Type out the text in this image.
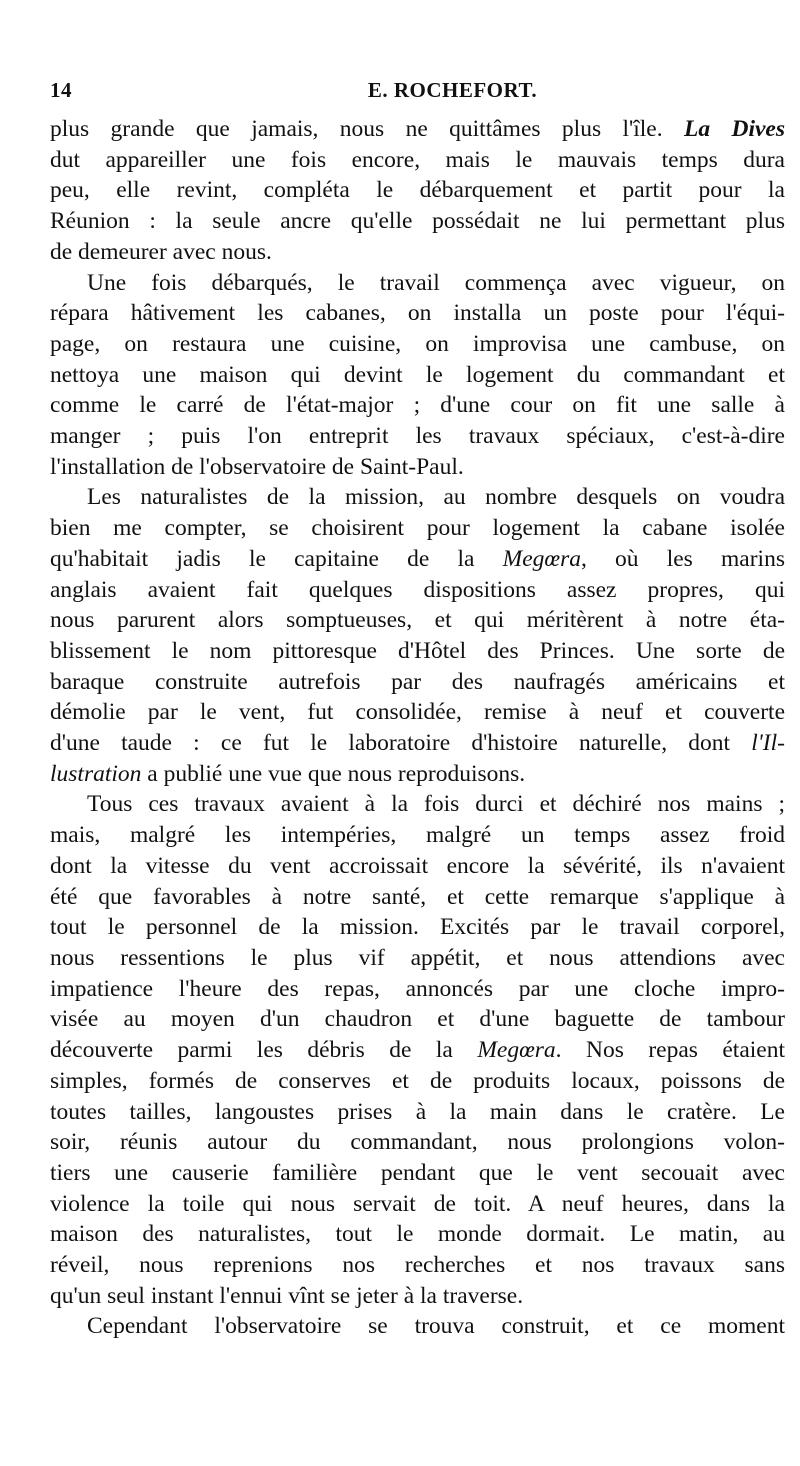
14	E. ROCHEFORT.
plus grande que jamais, nous ne quittâmes plus l'île. La Dives
dut appareiller une fois encore, mais le mauvais temps dura
peu, elle revint, compléta le débarquement et partit pour la
Réunion : la seule ancre qu'elle possédait ne lui permettant plus
de demeurer avec nous.
Une fois débarqués, le travail commença avec vigueur, on
répara hâtivement les cabanes, on installa un poste pour l'équi-
page, on restaura une cuisine, on improvisa une cambuse, on
nettoya une maison qui devint le logement du commandant et
comme le carré de l'état-major ; d'une cour on fit une salle à
manger ; puis l'on entreprit les travaux spéciaux, c'est-à-dire
l'installation de l'observatoire de Saint-Paul.
Les naturalistes de la mission, au nombre desquels on voudra
bien me compter, se choisirent pour logement la cabane isolée
qu'habitait jadis le capitaine de la Megœra, où les marins
anglais avaient fait quelques dispositions assez propres, qui
nous parurent alors somptueuses, et qui méritèrent à notre éta-
blissement le nom pittoresque d'Hôtel des Princes. Une sorte de
baraque construite autrefois par des naufragés américains et
démolie par le vent, fut consolidée, remise à neuf et couverte
d'une taude : ce fut le laboratoire d'histoire naturelle, dont l'Il-
lustration a publié une vue que nous reproduisons.
Tous ces travaux avaient à la fois durci et déchiré nos mains ;
mais, malgré les intempéries, malgré un temps assez froid
dont la vitesse du vent accroissait encore la sévérité, ils n'avaient
été que favorables à notre santé, et cette remarque s'applique à
tout le personnel de la mission. Excités par le travail corporel,
nous ressentions le plus vif appétit, et nous attendions avec
impatience l'heure des repas, annoncés par une cloche impro-
visée au moyen d'un chaudron et d'une baguette de tambour
découverte parmi les débris de la Megœra. Nos repas étaient
simples, formés de conserves et de produits locaux, poissons de
toutes tailles, langoustes prises à la main dans le cratère. Le
soir, réunis autour du commandant, nous prolongions volon-
tiers une causerie familière pendant que le vent secouait avec
violence la toile qui nous servait de toit. A neuf heures, dans la
maison des naturalistes, tout le monde dormait. Le matin, au
réveil, nous reprenions nos recherches et nos travaux sans
qu'un seul instant l'ennui vînt se jeter à la traverse.
Cependant l'observatoire se trouva construit, et ce moment
